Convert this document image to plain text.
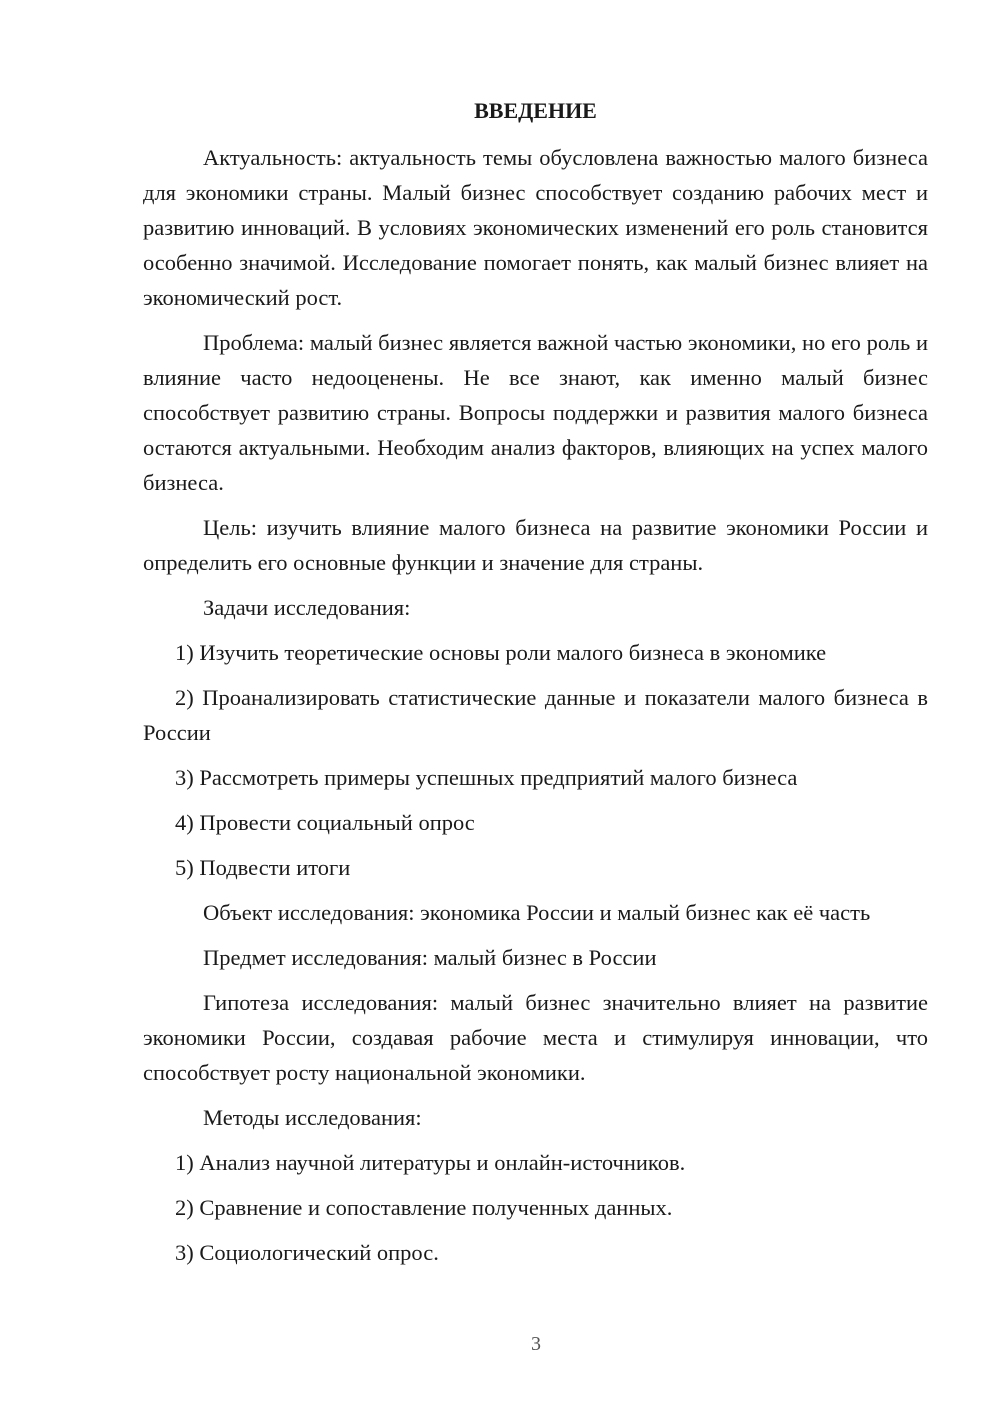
ВВЕДЕНИЕ

Актуальность: актуальность темы обусловлена важностью малого бизнеса для экономики страны. Малый бизнес способствует созданию рабочих мест и развитию инноваций. В условиях экономических изменений его роль становится особенно значимой. Исследование помогает понять, как малый бизнес влияет на экономический рост.

Проблема: малый бизнес является важной частью экономики, но его роль и влияние часто недооценены. Не все знают, как именно малый бизнес способствует развитию страны. Вопросы поддержки и развития малого бизнеса остаются актуальными. Необходим анализ факторов, влияющих на успех малого бизнеса.

Цель: изучить влияние малого бизнеса на развитие экономики России и определить его основные функции и значение для страны.

Задачи исследования:

1) Изучить теоретические основы роли малого бизнеса в экономике

2) Проанализировать статистические данные и показатели малого бизнеса в России

3) Рассмотреть примеры успешных предприятий малого бизнеса

4) Провести социальный опрос

5) Подвести итоги

Объект исследования: экономика России и малый бизнес как её часть

Предмет исследования: малый бизнес в России

Гипотеза исследования: малый бизнес значительно влияет на развитие экономики России, создавая рабочие места и стимулируя инновации, что способствует росту национальной экономики.

Методы исследования:

1) Анализ научной литературы и онлайн-источников.

2) Сравнение и сопоставление полученных данных.

3) Социологический опрос.

3
